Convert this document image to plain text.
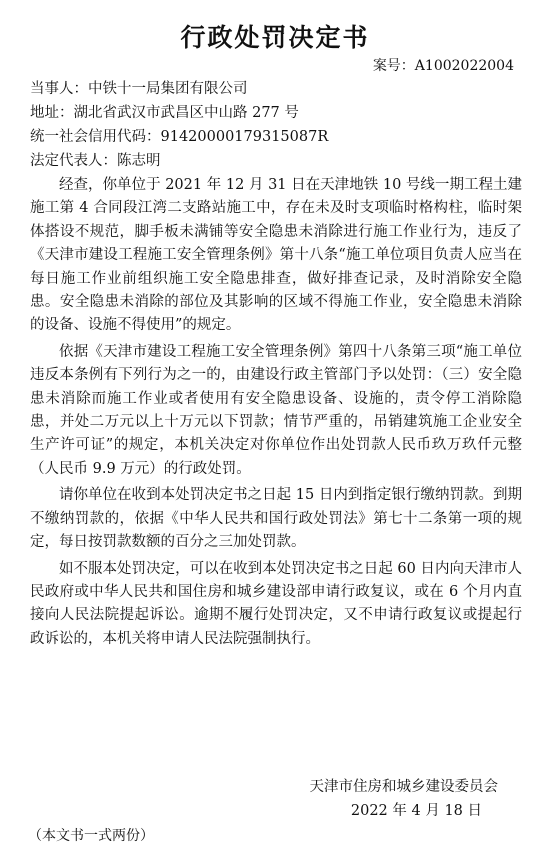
行政处罚决定书
案号：A1002022004
当事人：中铁十一局集团有限公司
地址：湖北省武汉市武昌区中山路 277 号
统一社会信用代码：91420000179315087R
法定代表人：陈志明

经查，你单位于 2021 年 12 月 31 日在天津地铁 10 号线一期工程土建施工第 4 合同段江湾二支路站施工中，存在未及时支项临时格构柱，临时架体搭设不规范，脚手板未满铺等安全隐患未消除进行施工作业行为，违反了《天津市建设工程施工安全管理条例》第十八条“施工单位项目负责人应当在每日施工作业前组织施工安全隐患排查，做好排查记录，及时消除安全隐患。安全隐患未消除的部位及其影响的区域不得施工作业，安全隐患未消除的设备、设施不得使用”的规定。

依据《天津市建设工程施工安全管理条例》第四十八条第三项“施工单位违反本条例有下列行为之一的，由建设行政主管部门予以处罚：（三）安全隐患未消除而施工作业或者使用有安全隐患设备、设施的，责令停工消除隐患，并处二万元以上十万元以下罚款；情节严重的，吊销建筑施工企业安全生产许可证”的规定，本机关决定对你单位作出处罚款人民币玖万玖仟元整（人民币 9.9 万元）的行政处罚。

请你单位在收到本处罚决定书之日起 15 日内到指定银行缴纳罚款。到期不缴纳罚款的，依据《中华人民共和国行政处罚法》第七十二条第一项的规定，每日按罚款数额的百分之三加处罚款。

如不服本处罚决定，可以在收到本处罚决定书之日起 60 日内向天津市人民政府或中华人民共和国住房和城乡建设部申请行政复议，或在 6 个月内直接向人民法院提起诉讼。逾期不履行处罚决定，又不申请行政复议或提起行政诉讼的，本机关将申请人民法院强制执行。

天津市住房和城乡建设委员会
2022 年 4 月 18 日
（本文书一式两份）
